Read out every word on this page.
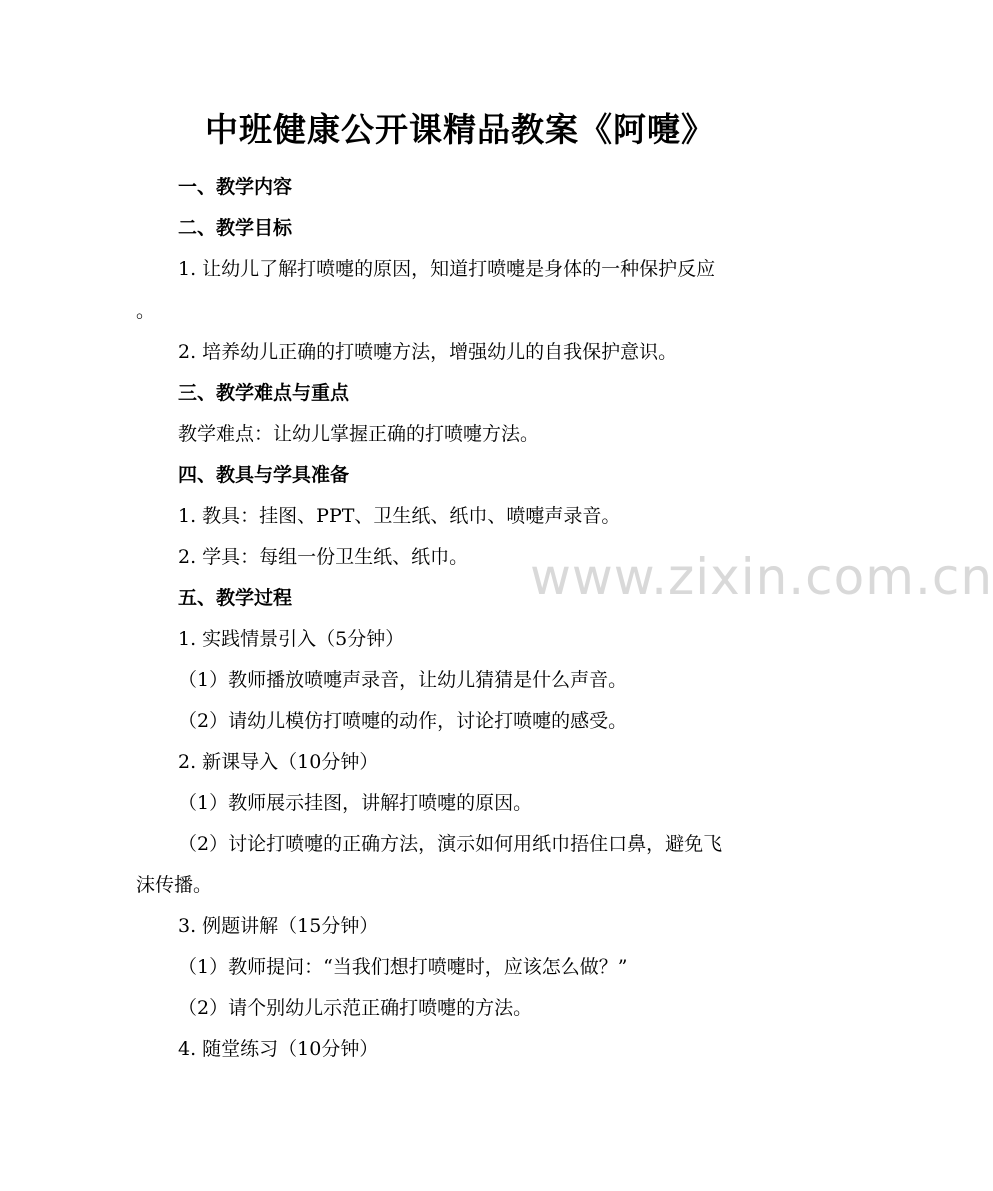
中班健康公开课精品教案《阿嚏》
www.zixin.com.cn
一、教学内容
二、教学目标
1. 让幼儿了解打喷嚏的原因，知道打喷嚏是身体的一种保护反应
。
2. 培养幼儿正确的打喷嚏方法，增强幼儿的自我保护意识。
三、教学难点与重点
教学难点：让幼儿掌握正确的打喷嚏方法。
四、教具与学具准备
1. 教具：挂图、PPT、卫生纸、纸巾、喷嚏声录音。
2. 学具：每组一份卫生纸、纸巾。
五、教学过程
1. 实践情景引入（5分钟）
（1）教师播放喷嚏声录音，让幼儿猜猜是什么声音。
（2）请幼儿模仿打喷嚏的动作，讨论打喷嚏的感受。
2. 新课导入（10分钟）
（1）教师展示挂图，讲解打喷嚏的原因。
（2）讨论打喷嚏的正确方法，演示如何用纸巾捂住口鼻，避免飞
沫传播。
3. 例题讲解（15分钟）
（1）教师提问：“当我们想打喷嚏时，应该怎么做？”
（2）请个别幼儿示范正确打喷嚏的方法。
4. 随堂练习（10分钟）
